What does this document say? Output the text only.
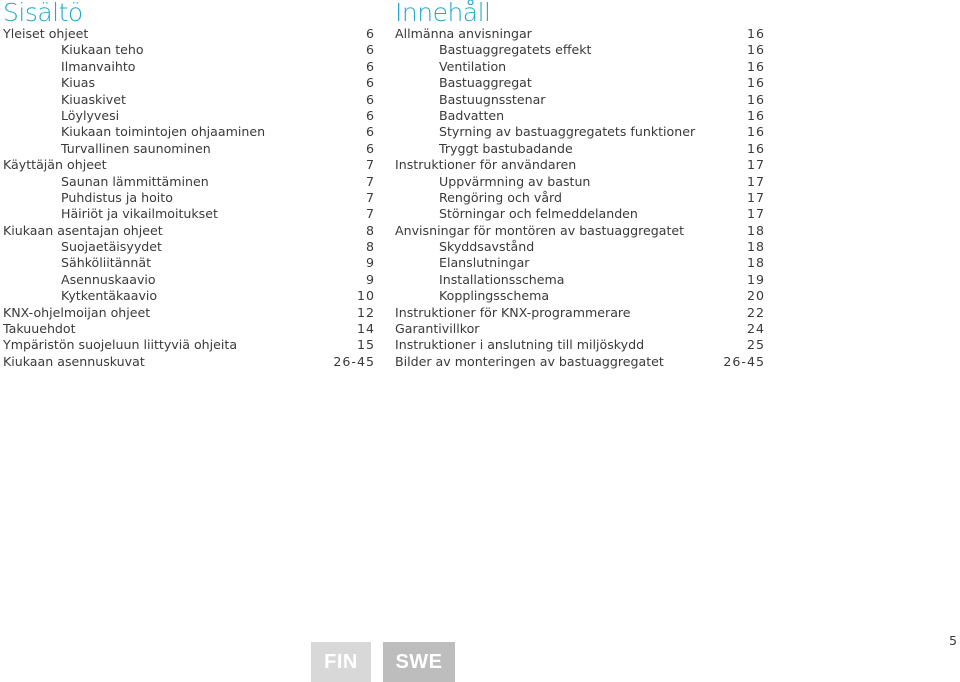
Sisältö
Yleiset ohjeet	6
Kiukaan teho	6
Ilmanvaihto	6
Kiuas	6
Kiuaskivet	6
Löylyvesi	6
Kiukaan toimintojen ohjaaminen	6
Turvallinen saunominen	6
Käyttäjän ohjeet	7
Saunan lämmittäminen	7
Puhdistus ja hoito	7
Häiriöt ja vikailmoitukset	7
Kiukaan asentajan ohjeet	8
Suojaetäisyydet	8
Sähköliitännät	9
Asennuskaavio	9
Kytkentäkaavio	10
KNX-ohjelmoijan ohjeet	12
Takuuehdot	14
Ympäristön suojeluun liittyviä ohjeita	15
Kiukaan asennuskuvat	26-45
Innehåll
Allmänna anvisningar	16
Bastuaggregatets effekt	16
Ventilation	16
Bastuaggregat	16
Bastuugnsstenar	16
Badvatten	16
Styrning av bastuaggregatets funktioner	16
Tryggt bastubadande	16
Instruktioner för användaren	17
Uppvärmning av bastun	17
Rengöring och vård	17
Störningar och felmeddelanden	17
Anvisningar för montören av bastuaggregatet	18
Skyddsavstånd	18
Elanslutningar	18
Installationsschema	19
Kopplingsschema	20
Instruktioner för KNX-programmerare	22
Garantivillkor	24
Instruktioner i anslutning till miljöskydd	25
Bilder av monteringen av bastuaggregatet	26-45
FIN	SWE
5
